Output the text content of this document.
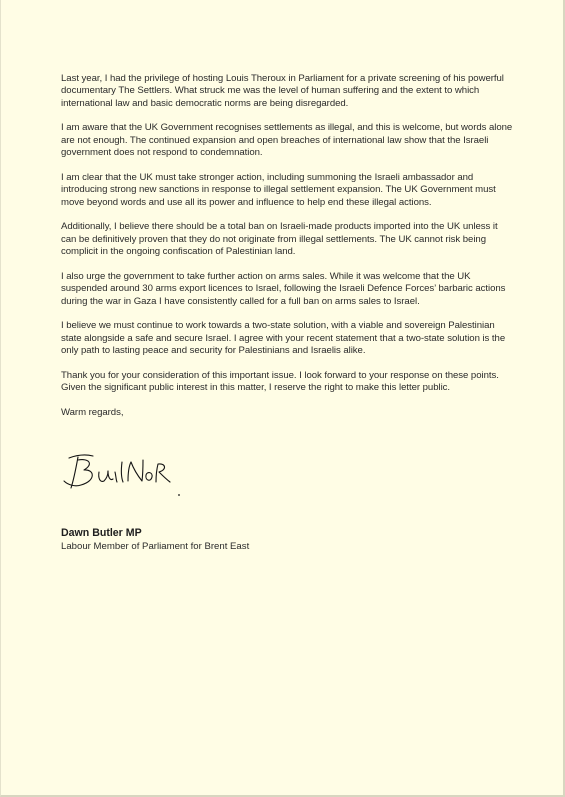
Last year, I had the privilege of hosting Louis Theroux in Parliament for a private screening of his powerful documentary The Settlers. What struck me was the level of human suffering and the extent to which international law and basic democratic norms are being disregarded.

I am aware that the UK Government recognises settlements as illegal, and this is welcome, but words alone are not enough. The continued expansion and open breaches of international law show that the Israeli government does not respond to condemnation.

I am clear that the UK must take stronger action, including summoning the Israeli ambassador and introducing strong new sanctions in response to illegal settlement expansion. The UK Government must move beyond words and use all its power and influence to help end these illegal actions.

Additionally, I believe there should be a total ban on Israeli-made products imported into the UK unless it can be definitively proven that they do not originate from illegal settlements. The UK cannot risk being complicit in the ongoing confiscation of Palestinian land.

I also urge the government to take further action on arms sales. While it was welcome that the UK suspended around 30 arms export licences to Israel, following the Israeli Defence Forces’ barbaric actions during the war in Gaza I have consistently called for a full ban on arms sales to Israel.

I believe we must continue to work towards a two-state solution, with a viable and sovereign Palestinian state alongside a safe and secure Israel. I agree with your recent statement that a two-state solution is the only path to lasting peace and security for Palestinians and Israelis alike.

Thank you for your consideration of this important issue. I look forward to your response on these points. Given the significant public interest in this matter, I reserve the right to make this letter public.

Warm regards,

Dawn Butler MP
Labour Member of Parliament for Brent East
